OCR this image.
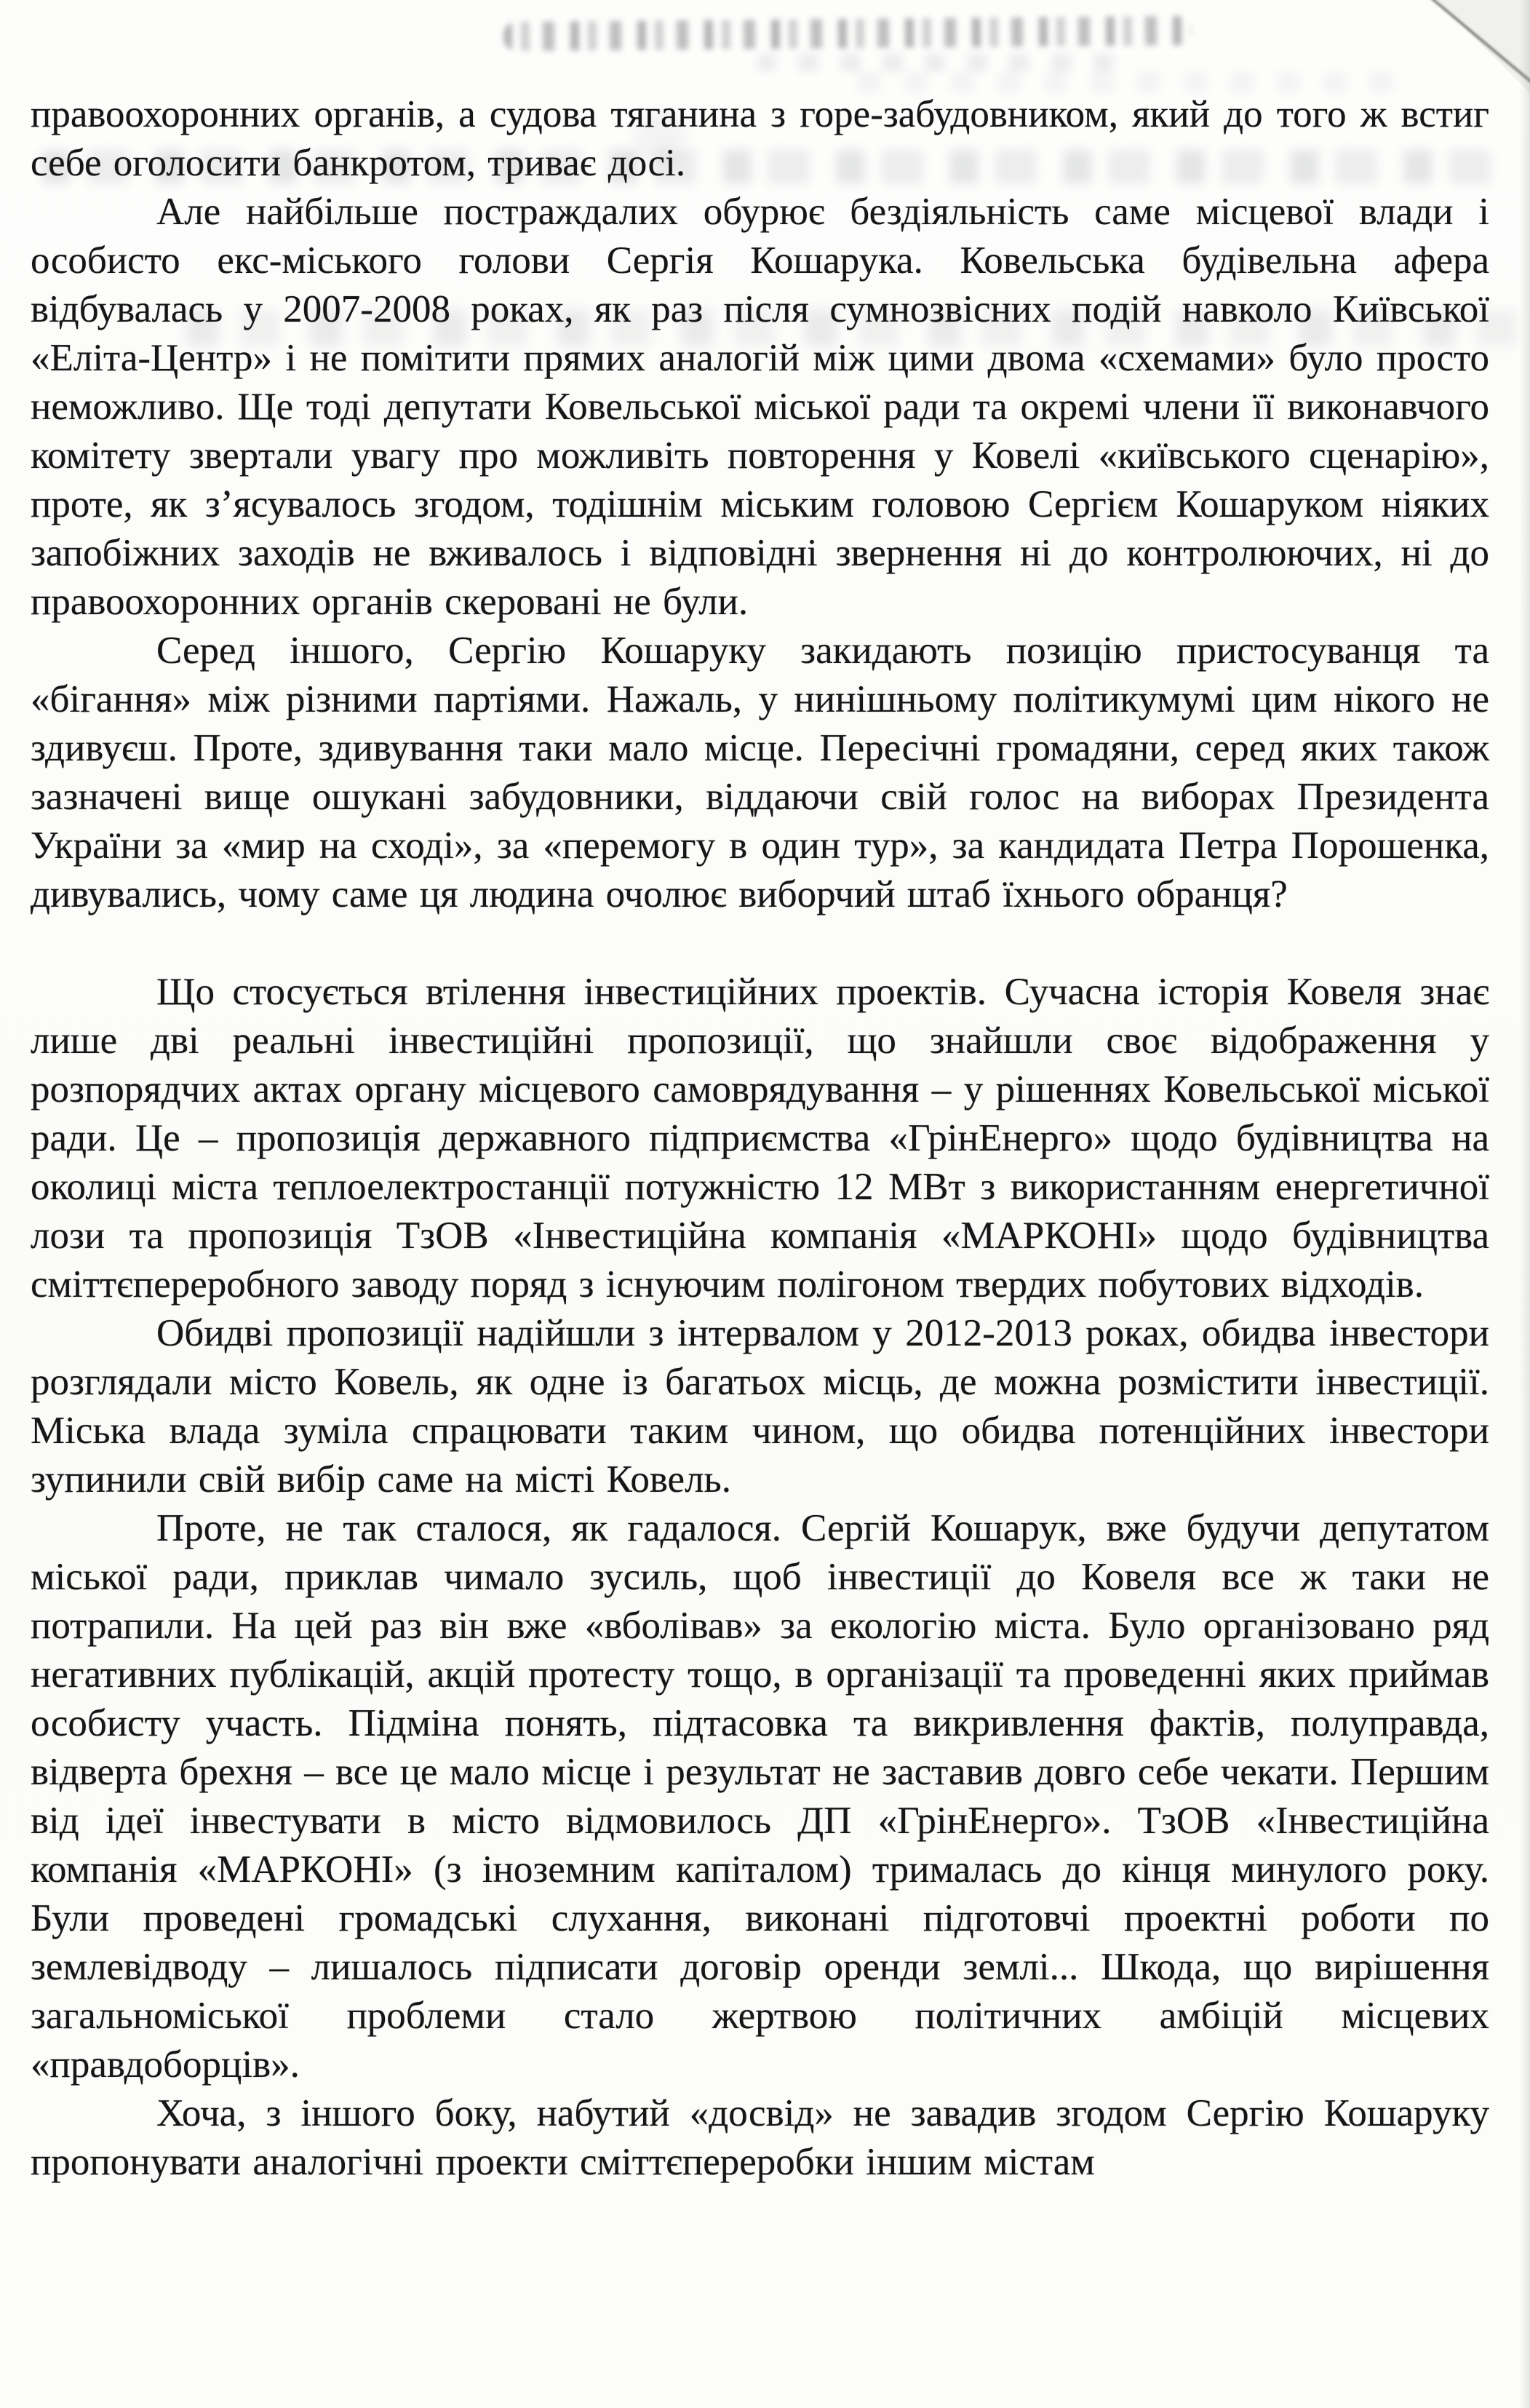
правоохоронних органів, а судова тяганина з горе-забудовником, який до того ж встиг себе оголосити банкротом, триває досі.

Але найбільше постраждалих обурює бездіяльність саме місцевої влади і особисто екс-міського голови Сергія Кошарука. Ковельська будівельна афера відбувалась у 2007-2008 роках, як раз після сумнозвісних подій навколо Київської «Еліта-Центр» і не помітити прямих аналогій між цими двома «схемами» було просто неможливо. Ще тоді депутати Ковельської міської ради та окремі члени її виконавчого комітету звертали увагу про можливіть повторення у Ковелі «київського сценарію», проте, як з’ясувалось згодом, тодішнім міським головою Сергієм Кошаруком ніяких запобіжних заходів не вживалось і відповідні звернення ні до контролюючих, ні до правоохоронних органів скеровані не були.

Серед іншого, Сергію Кошаруку закидають позицію пристосуванця та «бігання» між різними партіями. Нажаль, у нинішньому політикумумі цим нікого не здивуєш. Проте, здивування таки мало місце. Пересічні громадяни, серед яких також зазначені вище ошукані забудовники, віддаючи свій голос на виборах Президента України за «мир на сході», за «перемогу в один тур», за кандидата Петра Порошенка, дивувались, чому саме ця людина очолює виборчий штаб їхнього обранця?

Що стосується втілення інвестиційних проектів. Сучасна історія Ковеля знає лише дві реальні інвестиційні пропозиції, що знайшли своє відображення у розпорядчих актах органу місцевого самоврядування – у рішеннях Ковельської міської ради. Це – пропозиція державного підприємства «ГрінЕнерго» щодо будівництва на околиці міста теплоелектростанції потужністю 12 МВт з використанням енергетичної лози та пропозиція ТзОВ «Інвестиційна компанія «МАРКОНІ» щодо будівництва сміттєпереробного заводу поряд з існуючим полігоном твердих побутових відходів.

Обидві пропозиції надійшли з інтервалом у 2012-2013 роках, обидва інвестори розглядали місто Ковель, як одне із багатьох місць, де можна розмістити інвестиції. Міська влада зуміла спрацювати таким чином, що обидва потенційних інвестори зупинили свій вибір саме на місті Ковель.

Проте, не так сталося, як гадалося. Сергій Кошарук, вже будучи депутатом міської ради, приклав чимало зусиль, щоб інвестиції до Ковеля все ж таки не потрапили. На цей раз він вже «вболівав» за екологію міста. Було організовано ряд негативних публікацій, акцій протесту тощо, в організації та проведенні яких приймав особисту участь. Підміна понять, підтасовка та викривлення фактів, полуправда, відверта брехня – все це мало місце і результат не заставив довго себе чекати. Першим від ідеї інвестувати в місто відмовилось ДП «ГрінЕнерго». ТзОВ «Інвестиційна компанія «МАРКОНІ» (з іноземним капіталом) трималась до кінця минулого року. Були проведені громадські слухання, виконані підготовчі проектні роботи по землевідводу – лишалось підписати договір оренди землі... Шкода, що вирішення загальноміської проблеми стало жертвою політичних амбіцій місцевих «правдоборців».

Хоча, з іншого боку, набутий «досвід» не завадив згодом Сергію Кошаруку пропонувати аналогічні проекти сміттєпереробки іншим містам
